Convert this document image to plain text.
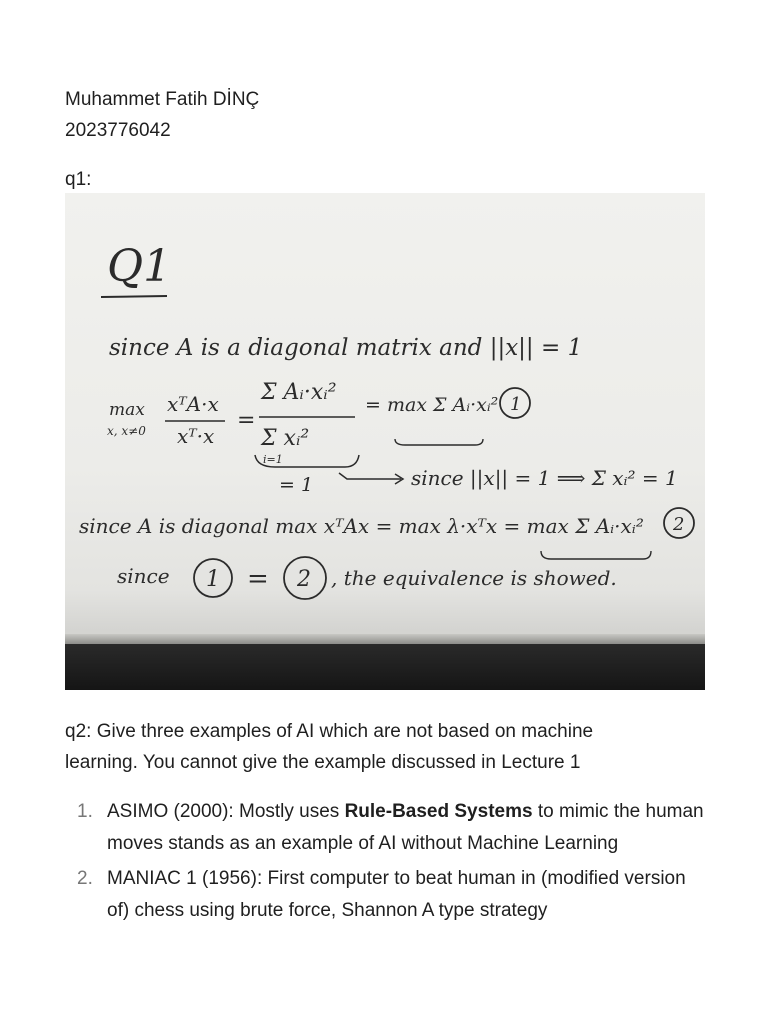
Muhammet Fatih DİNÇ
2023776042
q1:
Q1
since A is a diagonal matrix and ||x|| = 1
max
x, x≠0
xᵀA·x
xᵀ·x
=
Σ Aᵢ·xᵢ²
Σ xᵢ²
i=1
= max Σ Aᵢ·xᵢ² 1
= 1	since ||x|| = 1 ⟹ Σ xᵢ² = 1
since A is diagonal max xᵀAx = max λ·xᵀx = max Σ Aᵢ·xᵢ² 2
since 1 = 2 , the equivalence is showed.
q2: Give three examples of AI which are not based on machine learning. You cannot give the example discussed in Lecture 1
1. ASIMO (2000): Mostly uses Rule-Based Systems to mimic the human moves stands as an example of AI without Machine Learning
2. MANIAC 1 (1956): First computer to beat human in (modified version of) chess using brute force, Shannon A type strategy
